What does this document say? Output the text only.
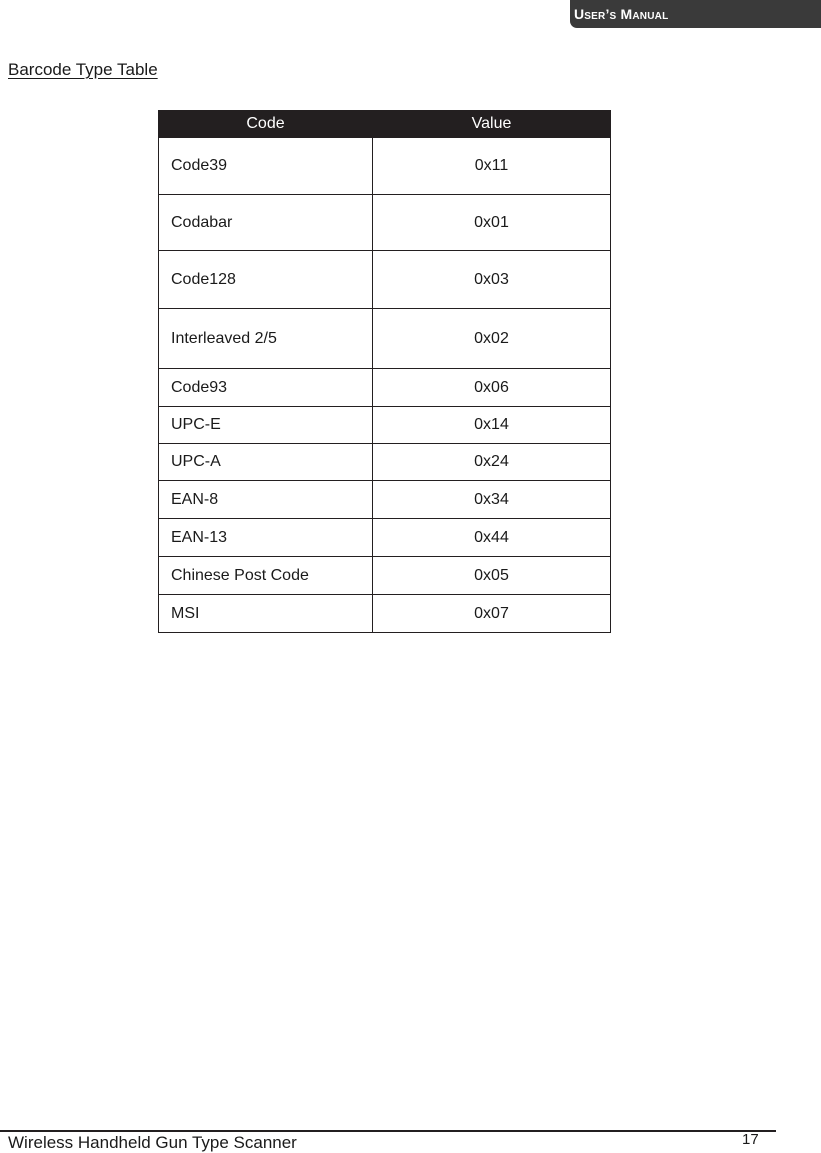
User’s Manual
Barcode Type Table
Code	Value
Code39	0x11
Codabar	0x01
Code128	0x03
Interleaved 2/5	0x02
Code93	0x06
UPC-E	0x14
UPC-A	0x24
EAN-8	0x34
EAN-13	0x44
Chinese Post Code	0x05
MSI	0x07
Wireless Handheld Gun Type Scanner	17
